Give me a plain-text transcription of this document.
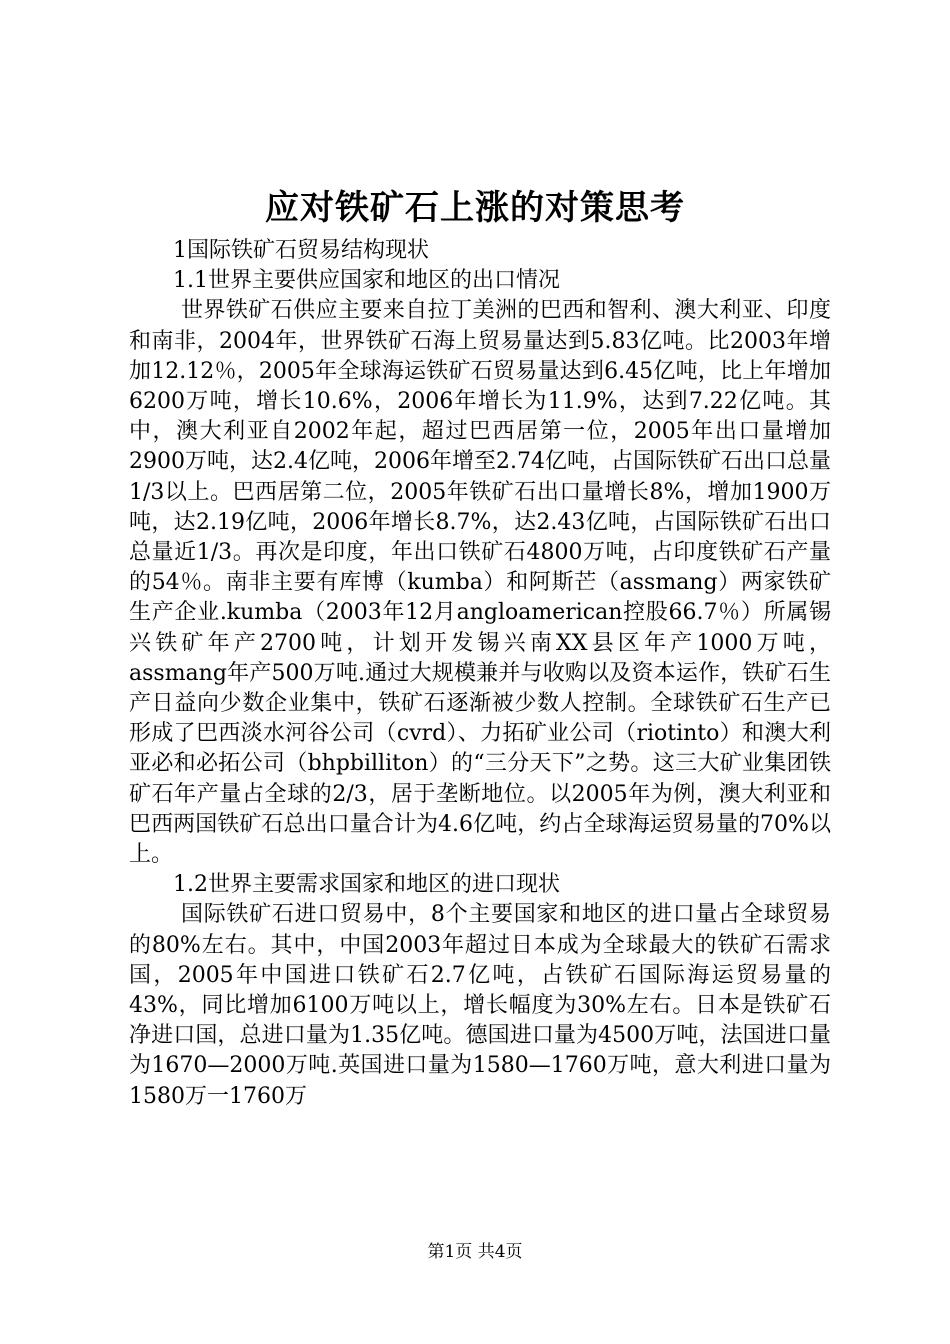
应对铁矿石上涨的对策思考

1国际铁矿石贸易结构现状

1.1世界主要供应国家和地区的出口情况

世界铁矿石供应主要来自拉丁美洲的巴西和智利、澳大利亚、印度和南非，2004年，世界铁矿石海上贸易量达到5.83亿吨。比2003年增加12.12％，2005年全球海运铁矿石贸易量达到6.45亿吨，比上年增加6200万吨，增长10.6%，2006年增长为11.9%，达到7.22亿吨。其中，澳大利亚自2002年起，超过巴西居第一位，2005年出口量增加2900万吨，达2.4亿吨，2006年增至2.74亿吨，占国际铁矿石出口总量1/3以上。巴西居第二位，2005年铁矿石出口量增长8%，增加1900万吨，达2.19亿吨，2006年增长8.7%，达2.43亿吨，占国际铁矿石出口总量近1/3。再次是印度，年出口铁矿石4800万吨，占印度铁矿石产量的54％。南非主要有库博（kumba）和阿斯芒（assmang）两家铁矿生产企业.kumba（2003年12月angloamerican控股66.7％）所属锡兴铁矿年产2700吨，计划开发锡兴南XX县区年产1000万吨，assmang年产500万吨.通过大规模兼并与收购以及资本运作，铁矿石生产日益向少数企业集中，铁矿石逐渐被少数人控制。全球铁矿石生产已形成了巴西淡水河谷公司（cvrd）、力拓矿业公司（riotinto）和澳大利亚必和必拓公司（bhpbilliton）的“三分天下”之势。这三大矿业集团铁矿石年产量占全球的2/3，居于垄断地位。以2005年为例，澳大利亚和巴西两国铁矿石总出口量合计为4.6亿吨，约占全球海运贸易量的70%以上。

1.2世界主要需求国家和地区的进口现状

国际铁矿石进口贸易中，8个主要国家和地区的进口量占全球贸易的80%左右。其中，中国2003年超过日本成为全球最大的铁矿石需求国，2005年中国进口铁矿石2.7亿吨，占铁矿石国际海运贸易量的43%，同比增加6100万吨以上，增长幅度为30%左右。日本是铁矿石净进口国，总进口量为1.35亿吨。德国进口量为4500万吨，法国进口量为1670—2000万吨.英国进口量为1580—1760万吨，意大利进口量为1580万一1760万

第1页 共4页
